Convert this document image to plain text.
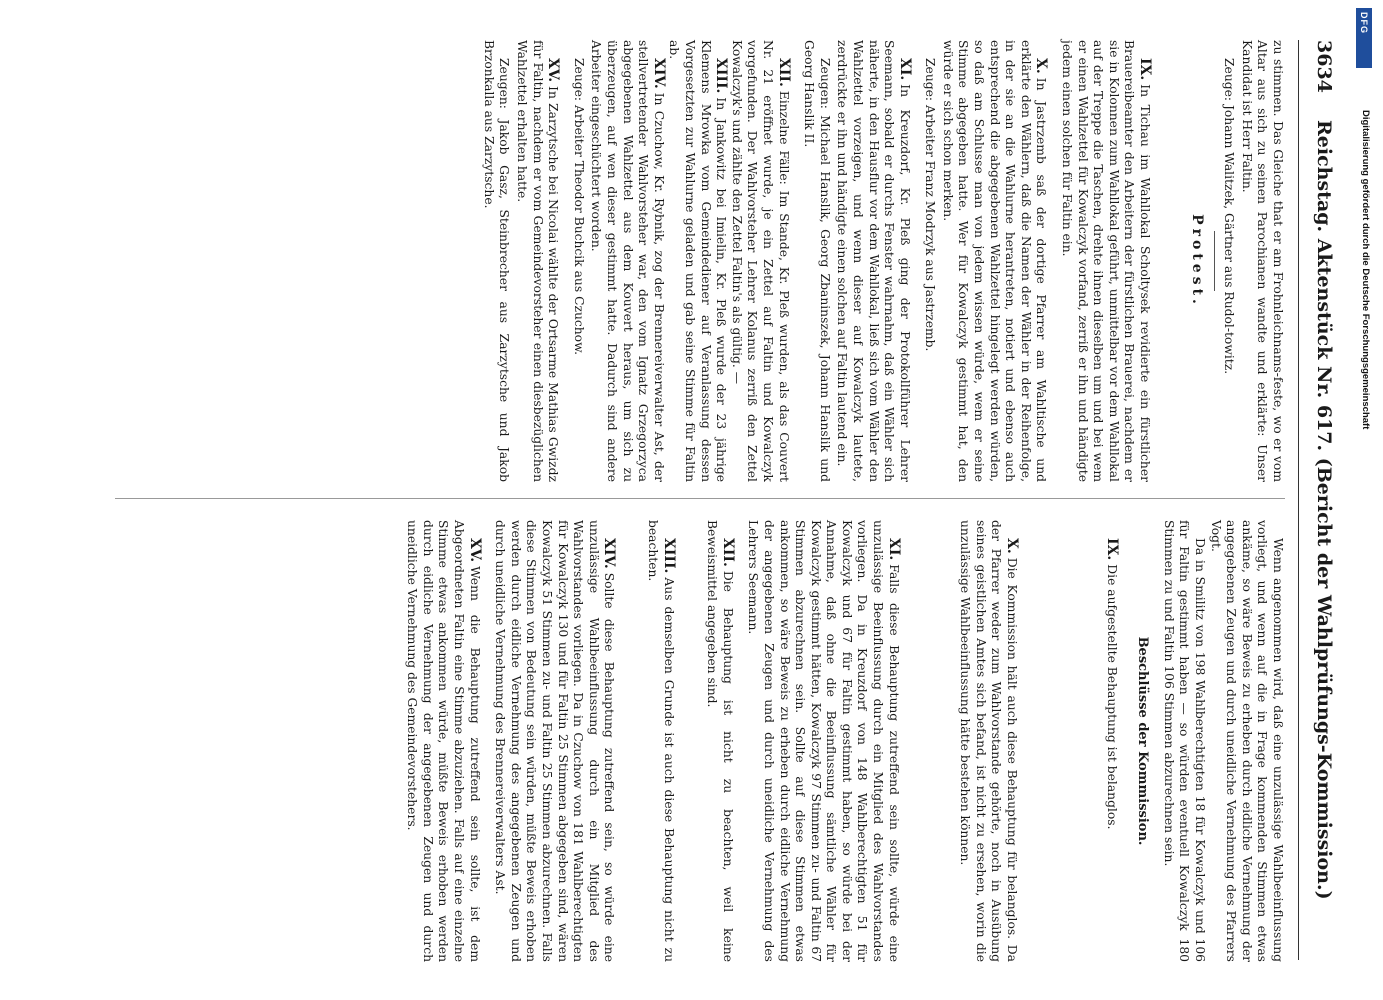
3634
Reichstag. Aktenstück Nr. 617. (Bericht der Wahlprüfungs-Kommission.)

zu stimmen. Das Gleiche that er am Frohnleichnams-feste, wo er vom Altar aus sich zu seinen Parochianen wandte und erklärte: Unser Kandidat ist Herr Faltin.

Zeuge: Johann Walitzek, Gärtner aus Rudol-towitz.

Protest.

IX.In Tichau im Wahllokal Scholtysek revidierte ein fürstlicher Brauereibeamter den Arbeitern der fürstlichen Brauerei, nachdem er sie in Kolonnen zum Wahllokal geführt, unmittelbar vor dem Wahllokal auf der Treppe die Taschen, drehte ihnen dieselben um und bei wem er einen Wahlzettel für Kowalczyk vorfand, zerriß er ihn und händigte jedem einen solchen für Faltin ein.

X.In Jastrzemb saß der dortige Pfarrer am Wahltische und erklärte den Wählern, daß die Namen der Wähler in der Reihenfolge, in der sie an die Wahlurne herantreten, notiert und ebenso auch entsprechend die abgegebenen Wahlzettel hingelegt werden würden, so daß am Schlusse man von jedem wissen würde, wem er seine Stimme abgegeben hatte. Wer für Kowalczyk gestimmt hat, den würde er sich schon merken.

Zeuge: Arbeiter Franz Modrzyk aus Jastrzemb.

XI.In Kreuzdorf, Kr. Pleß ging der Protokollführer Lehrer Seemann, sobald er durchs Fenster wahrnahm, daß ein Wähler sich näherte, in den Hausflur vor dem Wahllokal, ließ sich vom Wähler den Wahlzettel vorzeigen, und wenn dieser auf Kowalczyk lautete, zerdrückte er ihn und händigte einen solchen auf Faltin lautend ein.

Zeugen: Michael Hanslik, Georg Zbaninszek, Johann Hanslik und Georg Hanslik II.

XII.Einzelne Fälle: Im Stande, Kr. Pleß wurden, als das Couvert Nr. 21 eröffnet wurde, je ein Zettel auf Faltin und Kowalczyk vorgefunden. Der Wahlvorsteher Lehrer Kolanus zerriß den Zettel Kowalczyk's und zählte den Zettel Faltin's als gültig. —

XIII.In Jankowitz bei Imielin, Kr. Pleß wurde der 23 jährige Klemens Mrowka vom Gemeindediener auf Veranlassung dessen Vorgesetzten zur Wahlurne geladen und gab seine Stimme für Faltin ab.

XIV.In Czuchow, Kr. Rybnik, zog der Brennereiverwalter Ast, der stellvertretender Wahlvorsteher war, den vom Ignatz Grzegorzyca abgegebenen Wahlzettel aus dem Kouvert heraus, um sich zu überzeugen, auf wen dieser gestimmt hatte. Dadurch sind andere Arbeiter eingeschüchtert worden.

Zeuge: Arbeiter Theodor Buchcik aus Czuchow.

XV.In Zarzytsche bei Nicolai wählte der Ortsarme Mathias Gwizdz für Faltin, nachdem er vom Gemeindevorsteher einen diesbezüglichen Wahlzettel erhalten hatte.

Zeugen: Jakob Gasz, Steinbrecher aus Zarzytsche und Jakob Brzonkalla aus Zarzytsche.

Wenn angenommen wird, daß eine unzulässige Wahlbeeinflussung vorliegt, und wenn auf die in Frage kommenden Stimmen etwas ankäme, so wäre Beweis zu erheben durch eidliche Vernehmung der angegebenen Zeugen und durch uneidliche Vernehmung des Pfarrers Vogt.

Da in Smilitz von 198 Wahlberechtigten 18 für Kowalczyk und 106 für Faltin gestimmt haben — so würden eventuell Kowalczyk 180 Stimmen zu und Faltin 106 Stimmen abzurechnen sein.

Beschlüsse der Kommission.

IX.Die aufgestellte Behauptung ist belanglos.

X.Die Kommission hält auch diese Behauptung für belanglos. Da der Pfarrer weder zum Wahlvorstande gehörte, noch in Ausübung seines geistlichen Amtes sich befand, ist nicht zu ersehen, worin die unzulässige Wahlbeeinflussung hätte bestehen können.

XI.Falls diese Behauptung zutreffend sein sollte, würde eine unzulässige Beeinflussung durch ein Mitglied des Wahlvorstandes vorliegen. Da in Kreuzdorf von 148 Wahlberechtigten 51 für Kowalczyk und 67 für Faltin gestimmt haben, so würde bei der Annahme, daß ohne die Beeinflussung sämtliche Wähler für Kowalczyk gestimmt hätten, Kowalczyk 97 Stimmen zu- und Faltin 67 Stimmen abzurechnen sein. Sollte auf diese Stimmen etwas ankommen, so wäre Beweis zu erheben durch eidliche Vernehmung der angegebenen Zeugen und durch uneidliche Vernehmung des Lehrers Seemann.

XII.Die Behauptung ist nicht zu beachten, weil keine Beweismittel angegeben sind.

XIII.Aus demselben Grunde ist auch diese Behauptung nicht zu beachten.

XIV.Sollte diese Behauptung zutreffend sein, so würde eine unzulässige Wahlbeeinflussung durch ein Mitglied des Wahlvorstandes vorliegen. Da in Czuchow von 181 Wahlberechtigten für Kowalczyk 130 und für Faltin 25 Stimmen abgegeben sind, wären Kowalczyk 51 Stimmen zu- und Faltin 25 Stimmen abzurechnen. Falls diese Stimmen von Bedeutung sein würden, müßte Beweis erhoben werden durch eidliche Vernehmung des angegebenen Zeugen und durch uneidliche Vernehmung des Brennereiverwalters Ast.

XV.Wenn die Behauptung zutreffend sein sollte, ist dem Abgeordneten Faltin eine Stimme abzuziehen. Falls auf eine einzelne Stimme etwas ankommen würde, müßte Beweis erhoben werden durch eidliche Vernehmung der angegebenen Zeugen und durch uneidliche Vernehmung des Gemeindevorstehers.

DFG
Digitalisierung gefördert durch die Deutsche Forschungsgemeinschaft
